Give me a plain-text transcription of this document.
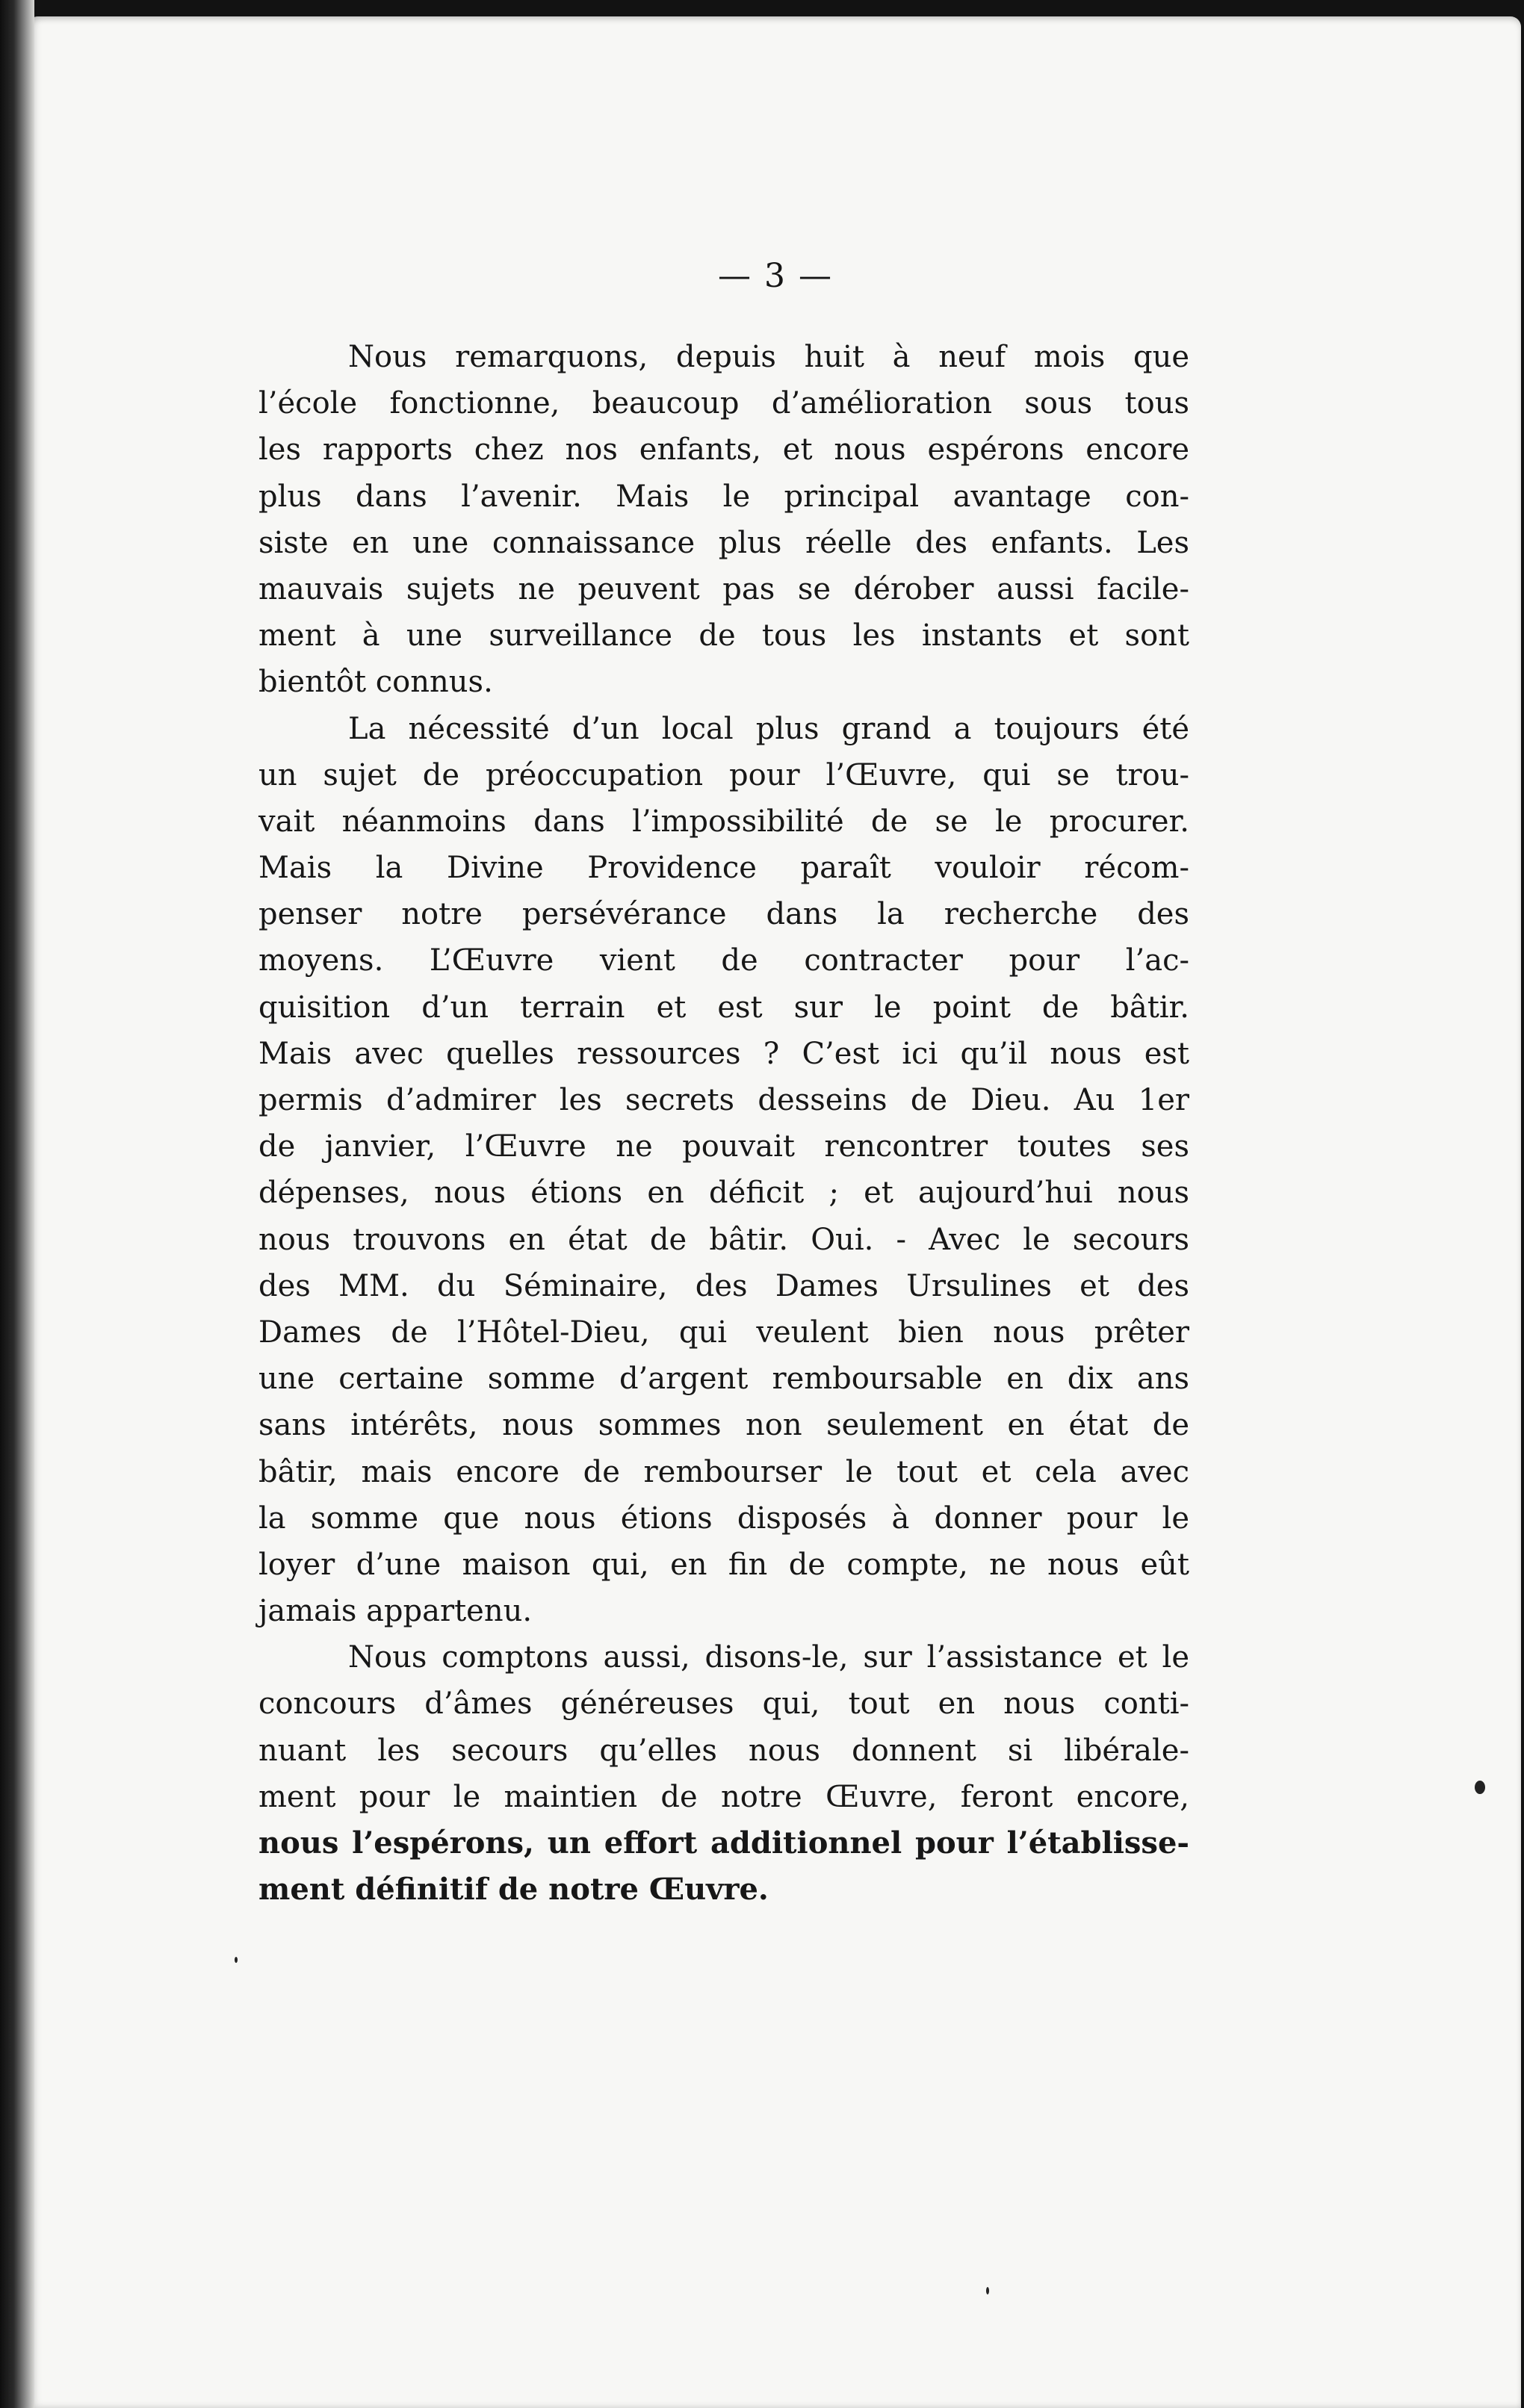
— 3 —
Nous remarquons, depuis huit à neuf mois que
l’école fonctionne, beaucoup d’amélioration sous tous
les rapports chez nos enfants, et nous espérons encore
plus dans l’avenir. Mais le principal avantage con-
siste en une connaissance plus réelle des enfants. Les
mauvais sujets ne peuvent pas se dérober aussi facile-
ment à une surveillance de tous les instants et sont
bientôt connus.
La nécessité d’un local plus grand a toujours été
un sujet de préoccupation pour l’Œuvre, qui se trou-
vait néanmoins dans l’impossibilité de se le procurer.
Mais la Divine Providence paraît vouloir récom-
penser notre persévérance dans la recherche des
moyens. L’Œuvre vient de contracter pour l’ac-
quisition d’un terrain et est sur le point de bâtir.
Mais avec quelles ressources ? C’est ici qu’il nous est
permis d’admirer les secrets desseins de Dieu. Au 1er
de janvier, l’Œuvre ne pouvait rencontrer toutes ses
dépenses, nous étions en déficit ; et aujourd’hui nous
nous trouvons en état de bâtir. Oui. - Avec le secours
des MM. du Séminaire, des Dames Ursulines et des
Dames de l’Hôtel-Dieu, qui veulent bien nous prêter
une certaine somme d’argent remboursable en dix ans
sans intérêts, nous sommes non seulement en état de
bâtir, mais encore de rembourser le tout et cela avec
la somme que nous étions disposés à donner pour le
loyer d’une maison qui, en fin de compte, ne nous eût
jamais appartenu.
Nous comptons aussi, disons-le, sur l’assistance et le
concours d’âmes généreuses qui, tout en nous conti-
nuant les secours qu’elles nous donnent si libérale-
ment pour le maintien de notre Œuvre, feront encore,
nous l’espérons, un effort additionnel pour l’établisse-
ment définitif de notre Œuvre.
